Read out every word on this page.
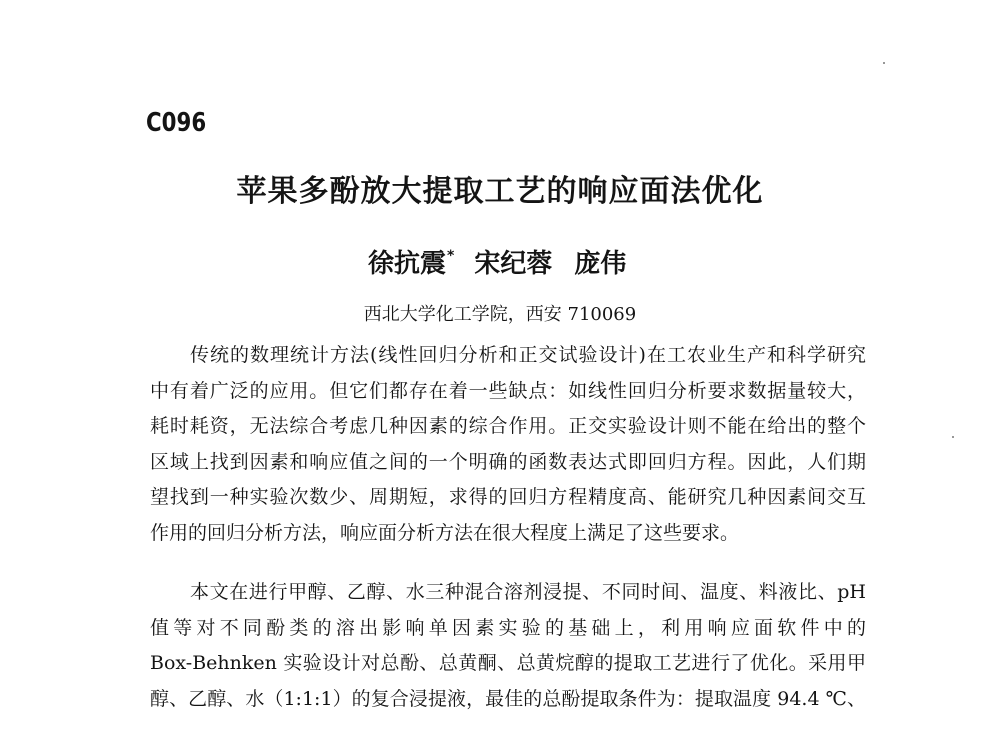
C096
苹果多酚放大提取工艺的响应面法优化
徐抗震* 宋纪蓉 庞伟
西北大学化工学院，西安 710069
传统的数理统计方法(线性回归分析和正交试验设计)在工农业生产和科学研究
中有着广泛的应用。但它们都存在着一些缺点：如线性回归分析要求数据量较大，
耗时耗资，无法综合考虑几种因素的综合作用。正交实验设计则不能在给出的整个
区域上找到因素和响应值之间的一个明确的函数表达式即回归方程。因此，人们期
望找到一种实验次数少、周期短，求得的回归方程精度高、能研究几种因素间交互
作用的回归分析方法，响应面分析方法在很大程度上满足了这些要求。
本文在进行甲醇、乙醇、水三种混合溶剂浸提、不同时间、温度、料液比、pH
值等对不同酚类的溶出影响单因素实验的基础上，利用响应面软件中的
Box-Behnken 实验设计对总酚、总黄酮、总黄烷醇的提取工艺进行了优化。采用甲
醇、乙醇、水（1:1:1）的复合浸提液，最佳的总酚提取条件为：提取温度 94.4 ℃、
